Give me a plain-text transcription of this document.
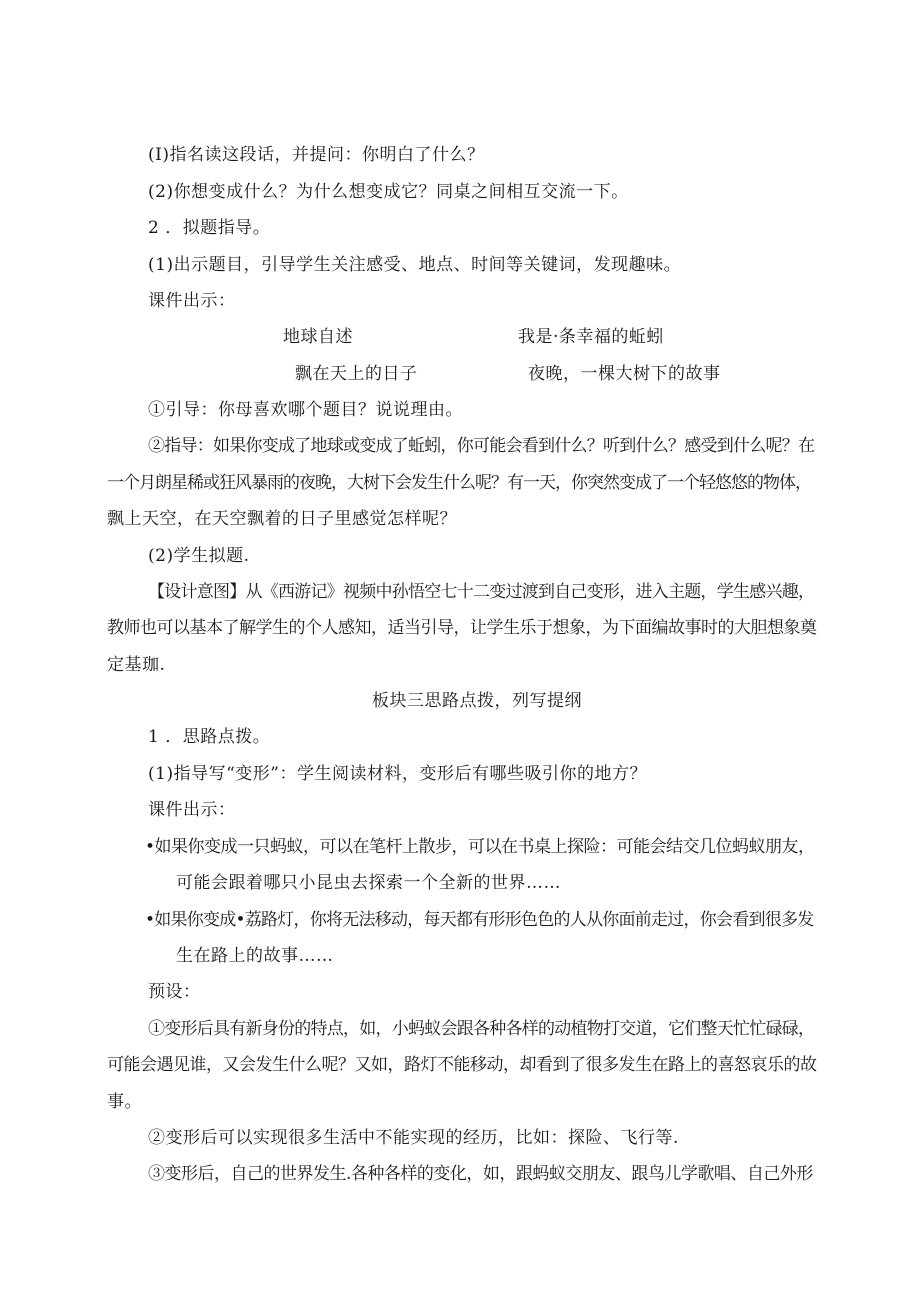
(I)指名读这段话，并提问：你明白了什么？
(2)你想变成什么？为什么想变成它？同桌之间相互交流一下。
2 ．拟题指导。
(1)出示题目，引导学生关注感受、地点、时间等关键词，发现趣味。
课件出示：
地球自述	我是·条幸福的蚯蚓
飘在天上的日子	夜晚，一棵大树下的故事
①引导：你母喜欢哪个题目？说说理由。
②指导：如果你变成了地球或变成了蚯蚓，你可能会看到什么？听到什么？感受到什么呢？在
一个月朗星稀或狂风暴雨的夜晚，大树下会发生什么呢？有一天，你突然变成了一个轻悠悠的物体，
飘上天空，在天空飘着的日子里感觉怎样呢？
(2)学生拟题.
【设计意图】从《西游记》视频中孙悟空七十二变过渡到自己变形，进入主题，学生感兴趣，
教师也可以基本了解学生的个人感知，适当引导，让学生乐于想象，为下面编故事时的大胆想象奠
定基珈.
板块三思路点拨，列写提纲
1 ．思路点拨。
(1)指导写“变形”：学生阅读材料，变形后有哪些吸引你的地方？
课件出示：
•如果你变成一只蚂蚁，可以在笔杆上散步，可以在书桌上探险：可能会结交几位蚂蚁朋友，
可能会跟着哪只小昆虫去探索一个全新的世界……
•如果你变成•荔路灯，你将无法移动，每天都有形形色色的人从你面前走过，你会看到很多发
生在路上的故事……
预设：
①变形后具有新身份的特点，如，小蚂蚁会跟各种各样的动植物打交道，它们整天忙忙碌碌，
可能会遇见谁，又会发生什么呢？又如，路灯不能移动，却看到了很多发生在路上的喜怒哀乐的故
事。
②变形后可以实现很多生活中不能实现的经历，比如：探险、飞行等.
③变形后，自己的世界发生.各种各样的变化，如，跟蚂蚁交朋友、跟鸟儿学歌唱、自己外形
